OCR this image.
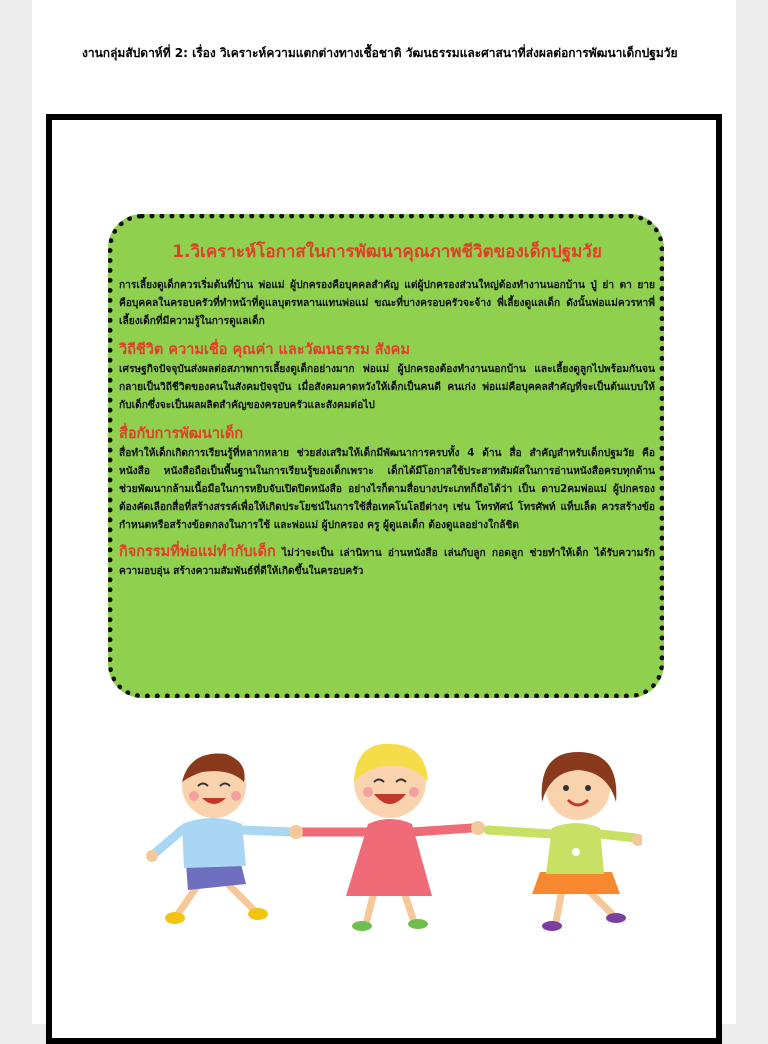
งานกลุ่มสัปดาห์ที่ 2: เรื่อง วิเคราะห์ความแตกต่างทางเชื้อชาติ วัฒนธรรมและศาสนาที่ส่งผลต่อการพัฒนาเด็กปฐมวัย
1.วิเคราะห์โอกาสในการพัฒนาคุณภาพชีวิตของเด็กปฐมวัย

การเลี้ยงดูเด็กควรเริ่มต้นที่บ้าน พ่อแม่ ผู้ปกครองคือบุคคลสำคัญ แต่ผู้ปกครองส่วนใหญ่ต้องทำงานนอกบ้าน ปู่ ย่า ตา ยาย คือบุคคลในครอบครัวที่ทำหน้าที่ดูแลบุตรหลานแทนพ่อแม่ ขณะที่บางครอบครัวจะจ้าง พี่เลี้ยงดูแลเด็ก ดังนั้นพ่อแม่ควรหาพี่เลี้ยงเด็กที่มีความรู้ในการดูแลเด็ก

วิถีชีวิต ความเชื่อ คุณค่า และวัฒนธรรม สังคม

เศรษฐกิจปัจจุบันส่งผลต่อสภาพการเลี้ยงดูเด็กอย่างมาก พ่อแม่ ผู้ปกครองต้องทำงานนอกบ้าน และเลี้ยงดูลูกไปพร้อมกันจนกลายเป็นวิถีชีวิตของคนในสังคมปัจจุบัน เมื่อสังคมคาดหวังให้เด็กเป็นคนดี คนเก่ง พ่อแม่คือบุคคลสำคัญที่จะเป็นต้นแบบให้กับเด็กซึ่งจะเป็นผลผลิตสำคัญของครอบครัวและสังคมต่อไป

สื่อกับการพัฒนาเด็ก

สื่อทำให้เด็กเกิดการเรียนรู้ที่หลากหลาย ช่วยส่งเสริมให้เด็กมีพัฒนาการครบทั้ง 4 ด้าน สื่อ สำคัญสำหรับเด็กปฐมวัย คือหนังสือ หนังสือถือเป็นพื้นฐานในการเรียนรู้ของเด็กเพราะ เด็กได้มีโอกาสใช้ประสาทสัมผัสในการอ่านหนังสือครบทุกด้าน ช่วยพัฒนากล้ามเนื้อมือในการหยิบจับเปิดปิดหนังสือ อย่างไรก็ตามสื่อบางประเภทก็ถือได้ว่า เป็น ดาบ2คมพ่อแม่ ผู้ปกครองต้องคัดเลือกสื่อที่สร้างสรรค์เพื่อให้เกิดประโยชน์ในการใช้สื่อเทคโนโลยีต่างๆ เช่น โทรทัศน์ โทรศัพท์ แท็บเล็ต ควรสร้างข้อกำหนดหรือสร้างข้อตกลงในการใช้ และพ่อแม่ ผู้ปกครอง ครู ผู้ดูแลเด็ก ต้องดูแลอย่างใกล้ชิด

กิจกรรมที่พ่อแม่ทำกับเด็ก ไม่ว่าจะเป็น เล่านิทาน อ่านหนังสือ เล่นกับลูก กอดลูก ช่วยทำให้เด็ก ได้รับความรัก ความอบอุ่น สร้างความสัมพันธ์ที่ดีให้เกิดขึ้นในครอบครัว
